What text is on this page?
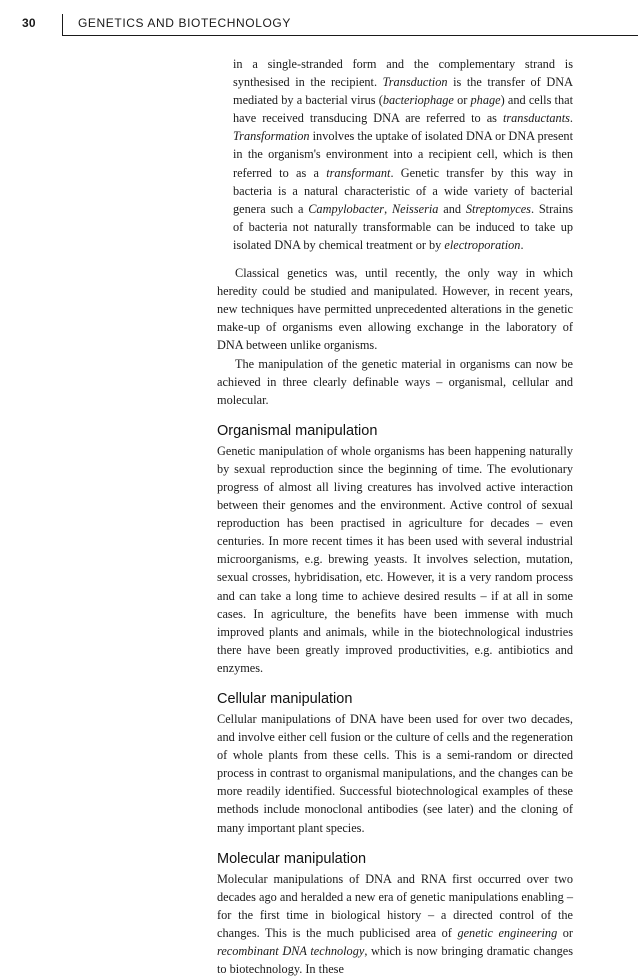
30	GENETICS AND BIOTECHNOLOGY

in a single-stranded form and the complementary strand is synthesised in the recipient. Transduction is the transfer of DNA mediated by a bacterial virus (bacteriophage or phage) and cells that have received transducing DNA are referred to as transductants. Transformation involves the uptake of isolated DNA or DNA present in the organism's environment into a recipient cell, which is then referred to as a transformant. Genetic transfer by this way in bacteria is a natural characteristic of a wide variety of bacterial genera such a Campylobacter, Neisseria and Streptomyces. Strains of bacteria not naturally transformable can be induced to take up isolated DNA by chemical treatment or by electroporation.

Classical genetics was, until recently, the only way in which heredity could be studied and manipulated. However, in recent years, new techniques have permitted unprecedented alterations in the genetic make-up of organisms even allowing exchange in the laboratory of DNA between unlike organisms.

The manipulation of the genetic material in organisms can now be achieved in three clearly definable ways – organismal, cellular and molecular.

Organismal manipulation

Genetic manipulation of whole organisms has been happening naturally by sexual reproduction since the beginning of time. The evolutionary progress of almost all living creatures has involved active interaction between their genomes and the environment. Active control of sexual reproduction has been practised in agriculture for decades – even centuries. In more recent times it has been used with several industrial microorganisms, e.g. brewing yeasts. It involves selection, mutation, sexual crosses, hybridisation, etc. However, it is a very random process and can take a long time to achieve desired results – if at all in some cases. In agriculture, the benefits have been immense with much improved plants and animals, while in the biotechnological industries there have been greatly improved productivities, e.g. antibiotics and enzymes.

Cellular manipulation

Cellular manipulations of DNA have been used for over two decades, and involve either cell fusion or the culture of cells and the regeneration of whole plants from these cells. This is a semi-random or directed process in contrast to organismal manipulations, and the changes can be more readily identified. Successful biotechnological examples of these methods include monoclonal antibodies (see later) and the cloning of many important plant species.

Molecular manipulation

Molecular manipulations of DNA and RNA first occurred over two decades ago and heralded a new era of genetic manipulations enabling – for the first time in biological history – a directed control of the changes. This is the much publicised area of genetic engineering or recombinant DNA technology, which is now bringing dramatic changes to biotechnology. In these
